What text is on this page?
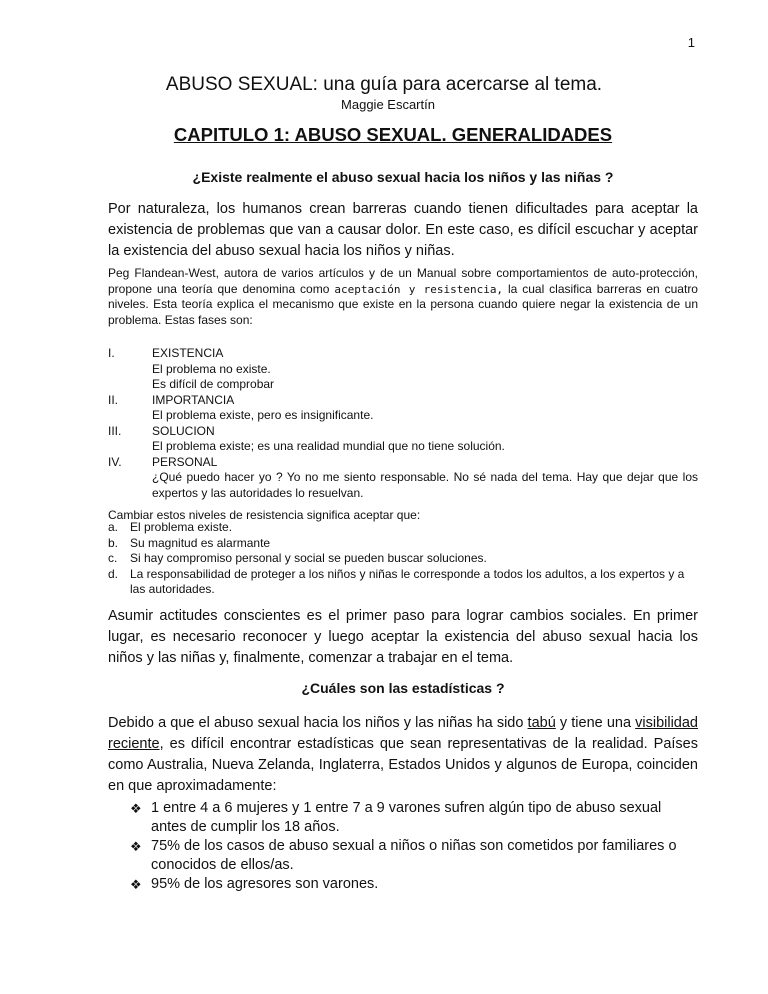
1
ABUSO SEXUAL: una guía para acercarse al tema.
Maggie Escartín
CAPITULO 1: ABUSO SEXUAL. GENERALIDADES
¿Existe realmente el abuso sexual hacia los niños y las niñas ?

Por naturaleza, los humanos crean barreras cuando tienen dificultades para aceptar la existencia de problemas que van a causar dolor. En este caso, es difícil escuchar y aceptar la existencia del abuso sexual hacia los niños y niñas.

Peg Flandean-West, autora de varios artículos y de un Manual sobre comportamientos de auto-protección, propone una teoría que denomina como aceptación y resistencia, la cual clasifica barreras en cuatro niveles. Esta teoría explica el mecanismo que existe en la persona cuando quiere negar la existencia de un problema. Estas fases son:

I.	EXISTENCIA
El problema no existe.
Es difícil de comprobar
II.	IMPORTANCIA
El problema existe, pero es insignificante.
III.	SOLUCION
El problema existe; es una realidad mundial que no tiene solución.
IV.	PERSONAL
¿Qué puedo hacer yo ? Yo no me siento responsable. No sé nada del tema. Hay que dejar que los expertos y las autoridades lo resuelvan.

Cambiar estos niveles de resistencia significa aceptar que:

a. El problema existe.
b. Su magnitud es alarmante
c.	Si hay compromiso personal y social se pueden buscar soluciones.
d. La responsabilidad de proteger a los niños y niñas le corresponde a todos los adultos, a los expertos y a las autoridades.

Asumir actitudes conscientes es el primer paso para lograr cambios sociales. En primer lugar, es necesario reconocer y luego aceptar la existencia del abuso sexual hacia los niños y las niñas y, finalmente, comenzar a trabajar en el tema.

¿Cuáles son las estadísticas ?

Debido a que el abuso sexual hacia los niños y las niñas ha sido tabú y tiene una visibilidad reciente, es difícil encontrar estadísticas que sean representativas de la realidad. Países como Australia, Nueva Zelanda, Inglaterra, Estados Unidos y algunos de Europa, coinciden en que aproximadamente:

❖ 1 entre 4 a 6 mujeres y 1 entre 7 a 9 varones sufren algún tipo de abuso sexual antes de cumplir los 18 años.
❖ 75% de los casos de abuso sexual a niños o niñas son cometidos por familiares o conocidos de ellos/as.
❖ 95% de los agresores son varones.
